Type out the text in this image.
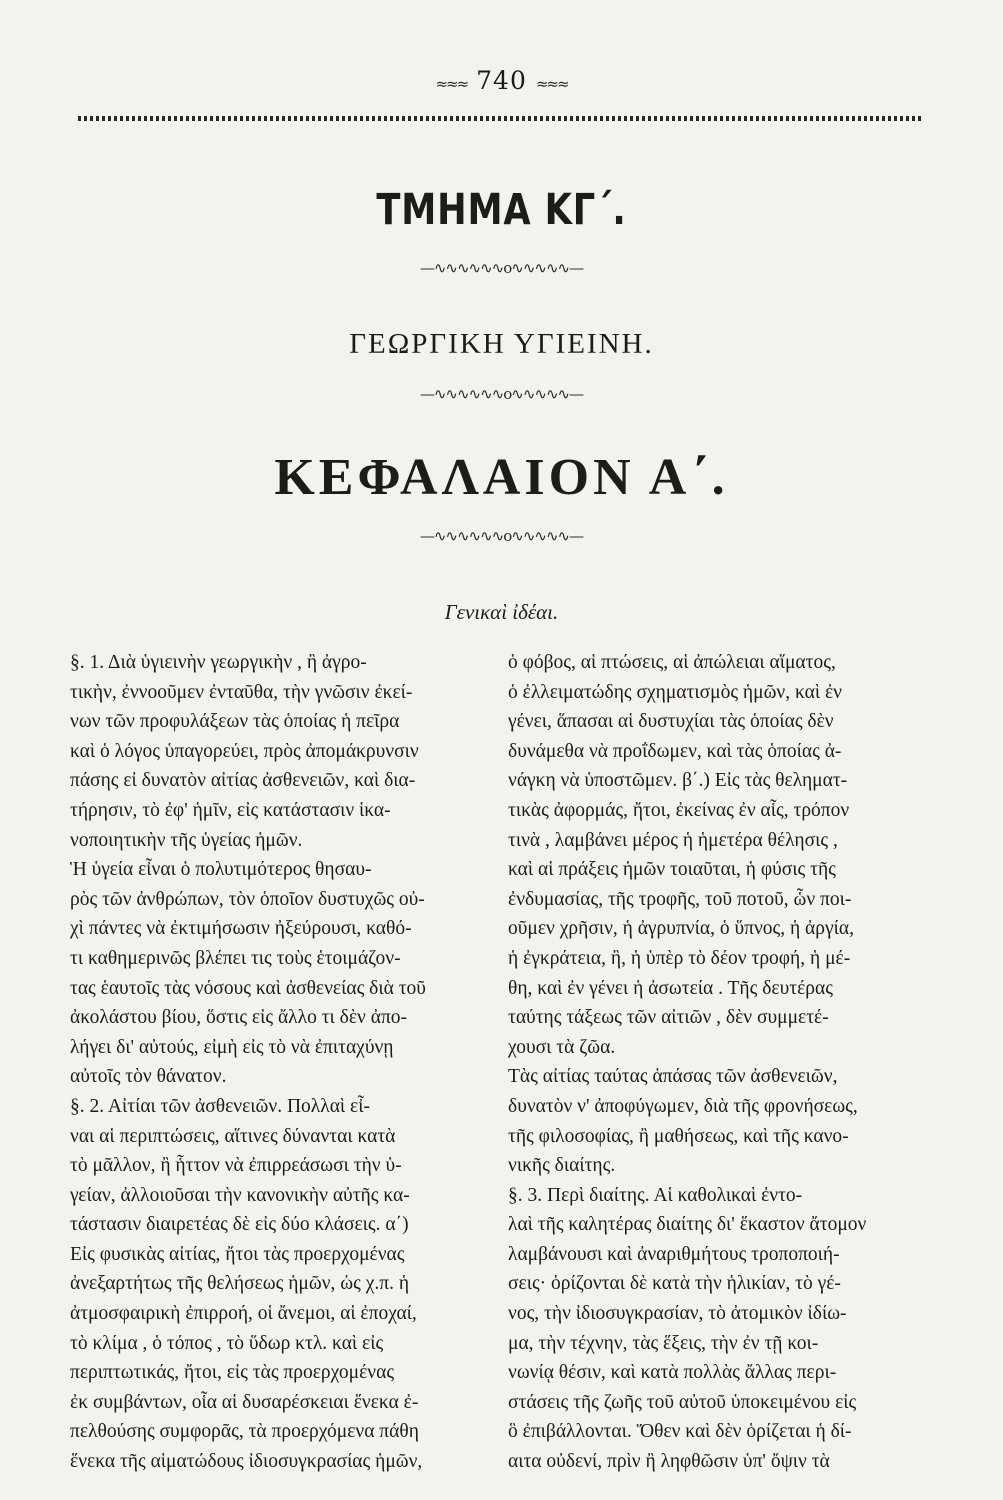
≈≈≈ 740 ≈≈≈
ΤΜΗΜΑ ΚΓ΄.
—∿∿∿∿∿∿o∿∿∿∿∿—
ΓΕΩΡΓΙΚΗ ΥΓΙΕΙΝΗ.
—∿∿∿∿∿∿o∿∿∿∿∿—
ΚΕΦΑΛΑΙΟΝ Α΄.
—∿∿∿∿∿∿o∿∿∿∿∿—
Γενικαὶ ἰδέαι.
§. 1. Διὰ ὑγιεινὴν γεωργικὴν , ἢ ἀγρο-
τικὴν, ἐννοοῦμεν ἐνταῦθα, τὴν γνῶσιν ἐκεί-
νων τῶν προφυλάξεων τὰς ὁποίας ἡ πεῖρα
καὶ ὁ λόγος ὑπαγορεύει, πρὸς ἀπομάκρυνσιν
πάσης εἰ δυνατὸν αἰτίας ἀσθενειῶν, καὶ δια-
τήρησιν, τὸ ἐφ' ἡμῖν, εἰς κατάστασιν ἱκα-
νοποιητικὴν τῆς ὑγείας ἡμῶν.
Ἡ ὑγεία εἶναι ὁ πολυτιμότερος θησαυ-
ρὸς τῶν ἀνθρώπων, τὸν ὁποῖον δυστυχῶς οὐ-
χὶ πάντες νὰ ἐκτιμήσωσιν ἠξεύρουσι, καθό-
τι καθημερινῶς βλέπει τις τοὺς ἑτοιμάζον-
τας ἑαυτοῖς τὰς νόσους καὶ ἀσθενείας διὰ τοῦ
ἀκολάστου βίου, ὅστις εἰς ἄλλο τι δὲν ἀπο-
λήγει δι' αὐτούς, εἰμὴ εἰς τὸ νὰ ἐπιταχύνῃ
αὐτοῖς τὸν θάνατον.
§. 2. Αἰτίαι τῶν ἀσθενειῶν. Πολλαὶ εἶ-
ναι αἱ περιπτώσεις, αἵτινες δύνανται κατὰ
τὸ μᾶλλον, ἢ ἧττον νὰ ἐπιρρεάσωσι τὴν ὑ-
γείαν, ἀλλοιοῦσαι τὴν κανονικὴν αὐτῆς κα-
τάστασιν διαιρετέας δὲ εἰς δύο κλάσεις. α΄)
Εἰς φυσικὰς αἰτίας, ἤτοι τὰς προερχομένας
ἀνεξαρτήτως τῆς θελήσεως ἡμῶν, ὡς χ.π. ἡ
ἀτμοσφαιρικὴ ἐπιρροή, οἱ ἄνεμοι, αἱ ἐποχαί,
τὸ κλίμα , ὁ τόπος , τὸ ὕδωρ κτλ. καὶ εἰς
περιπτωτικάς, ἤτοι, εἰς τὰς προερχομένας
ἐκ συμβάντων, οἷα αἱ δυσαρέσκειαι ἕνεκα ἐ-
πελθούσης συμφορᾶς, τὰ προερχόμενα πάθη
ἕνεκα τῆς αἱματώδους ἰδιοσυγκρασίας ἡμῶν,
ὁ φόβος, αἱ πτώσεις, αἱ ἀπώλειαι αἵματος,
ὁ ἐλλειματώδης σχηματισμὸς ἡμῶν, καὶ ἐν
γένει, ἅπασαι αἱ δυστυχίαι τὰς ὁποίας δὲν
δυνάμεθα νὰ προΐδωμεν, καὶ τὰς ὁποίας ἀ-
νάγκη νὰ ὑποστῶμεν. β΄.) Εἰς τὰς θεληματ-
τικὰς ἀφορμάς, ἤτοι, ἐκείνας ἐν αἷς, τρόπον
τινὰ , λαμβάνει μέρος ἡ ἡμετέρα θέλησις ,
καὶ αἱ πράξεις ἡμῶν τοιαῦται, ἡ φύσις τῆς
ἐνδυμασίας, τῆς τροφῆς, τοῦ ποτοῦ, ὧν ποι-
οῦμεν χρῆσιν, ἡ ἀγρυπνία, ὁ ὕπνος, ἡ ἀργία,
ἡ ἐγκράτεια, ἢ, ἡ ὑπὲρ τὸ δέον τροφή, ἡ μέ-
θη, καὶ ἐν γένει ἡ ἀσωτεία . Τῆς δευτέρας
ταύτης τάξεως τῶν αἰτιῶν , δὲν συμμετέ-
χουσι τὰ ζῶα.
Τὰς αἰτίας ταύτας ἁπάσας τῶν ἀσθενειῶν,
δυνατὸν ν' ἀποφύγωμεν, διὰ τῆς φρονήσεως,
τῆς φιλοσοφίας, ἢ μαθήσεως, καὶ τῆς κανο-
νικῆς διαίτης.
§. 3. Περὶ διαίτης. Αἱ καθολικαὶ ἐντο-
λαὶ τῆς καλητέρας διαίτης δι' ἕκαστον ἄτομον
λαμβάνουσι καὶ ἀναριθμήτους τροποποιή-
σεις· ὁρίζονται δὲ κατὰ τὴν ἡλικίαν, τὸ γέ-
νος, τὴν ἰδιοσυγκρασίαν, τὸ ἀτομικὸν ἰδίω-
μα, τὴν τέχνην, τὰς ἕξεις, τὴν ἐν τῇ κοι-
νωνίᾳ θέσιν, καὶ κατὰ πολλὰς ἄλλας περι-
στάσεις τῆς ζωῆς τοῦ αὐτοῦ ὑποκειμένου εἰς
ὃ ἐπιβάλλονται. Ὅθεν καὶ δὲν ὁρίζεται ἡ δί-
αιτα οὐδενί, πρὶν ἢ ληφθῶσιν ὑπ' ὄψιν τὰ
